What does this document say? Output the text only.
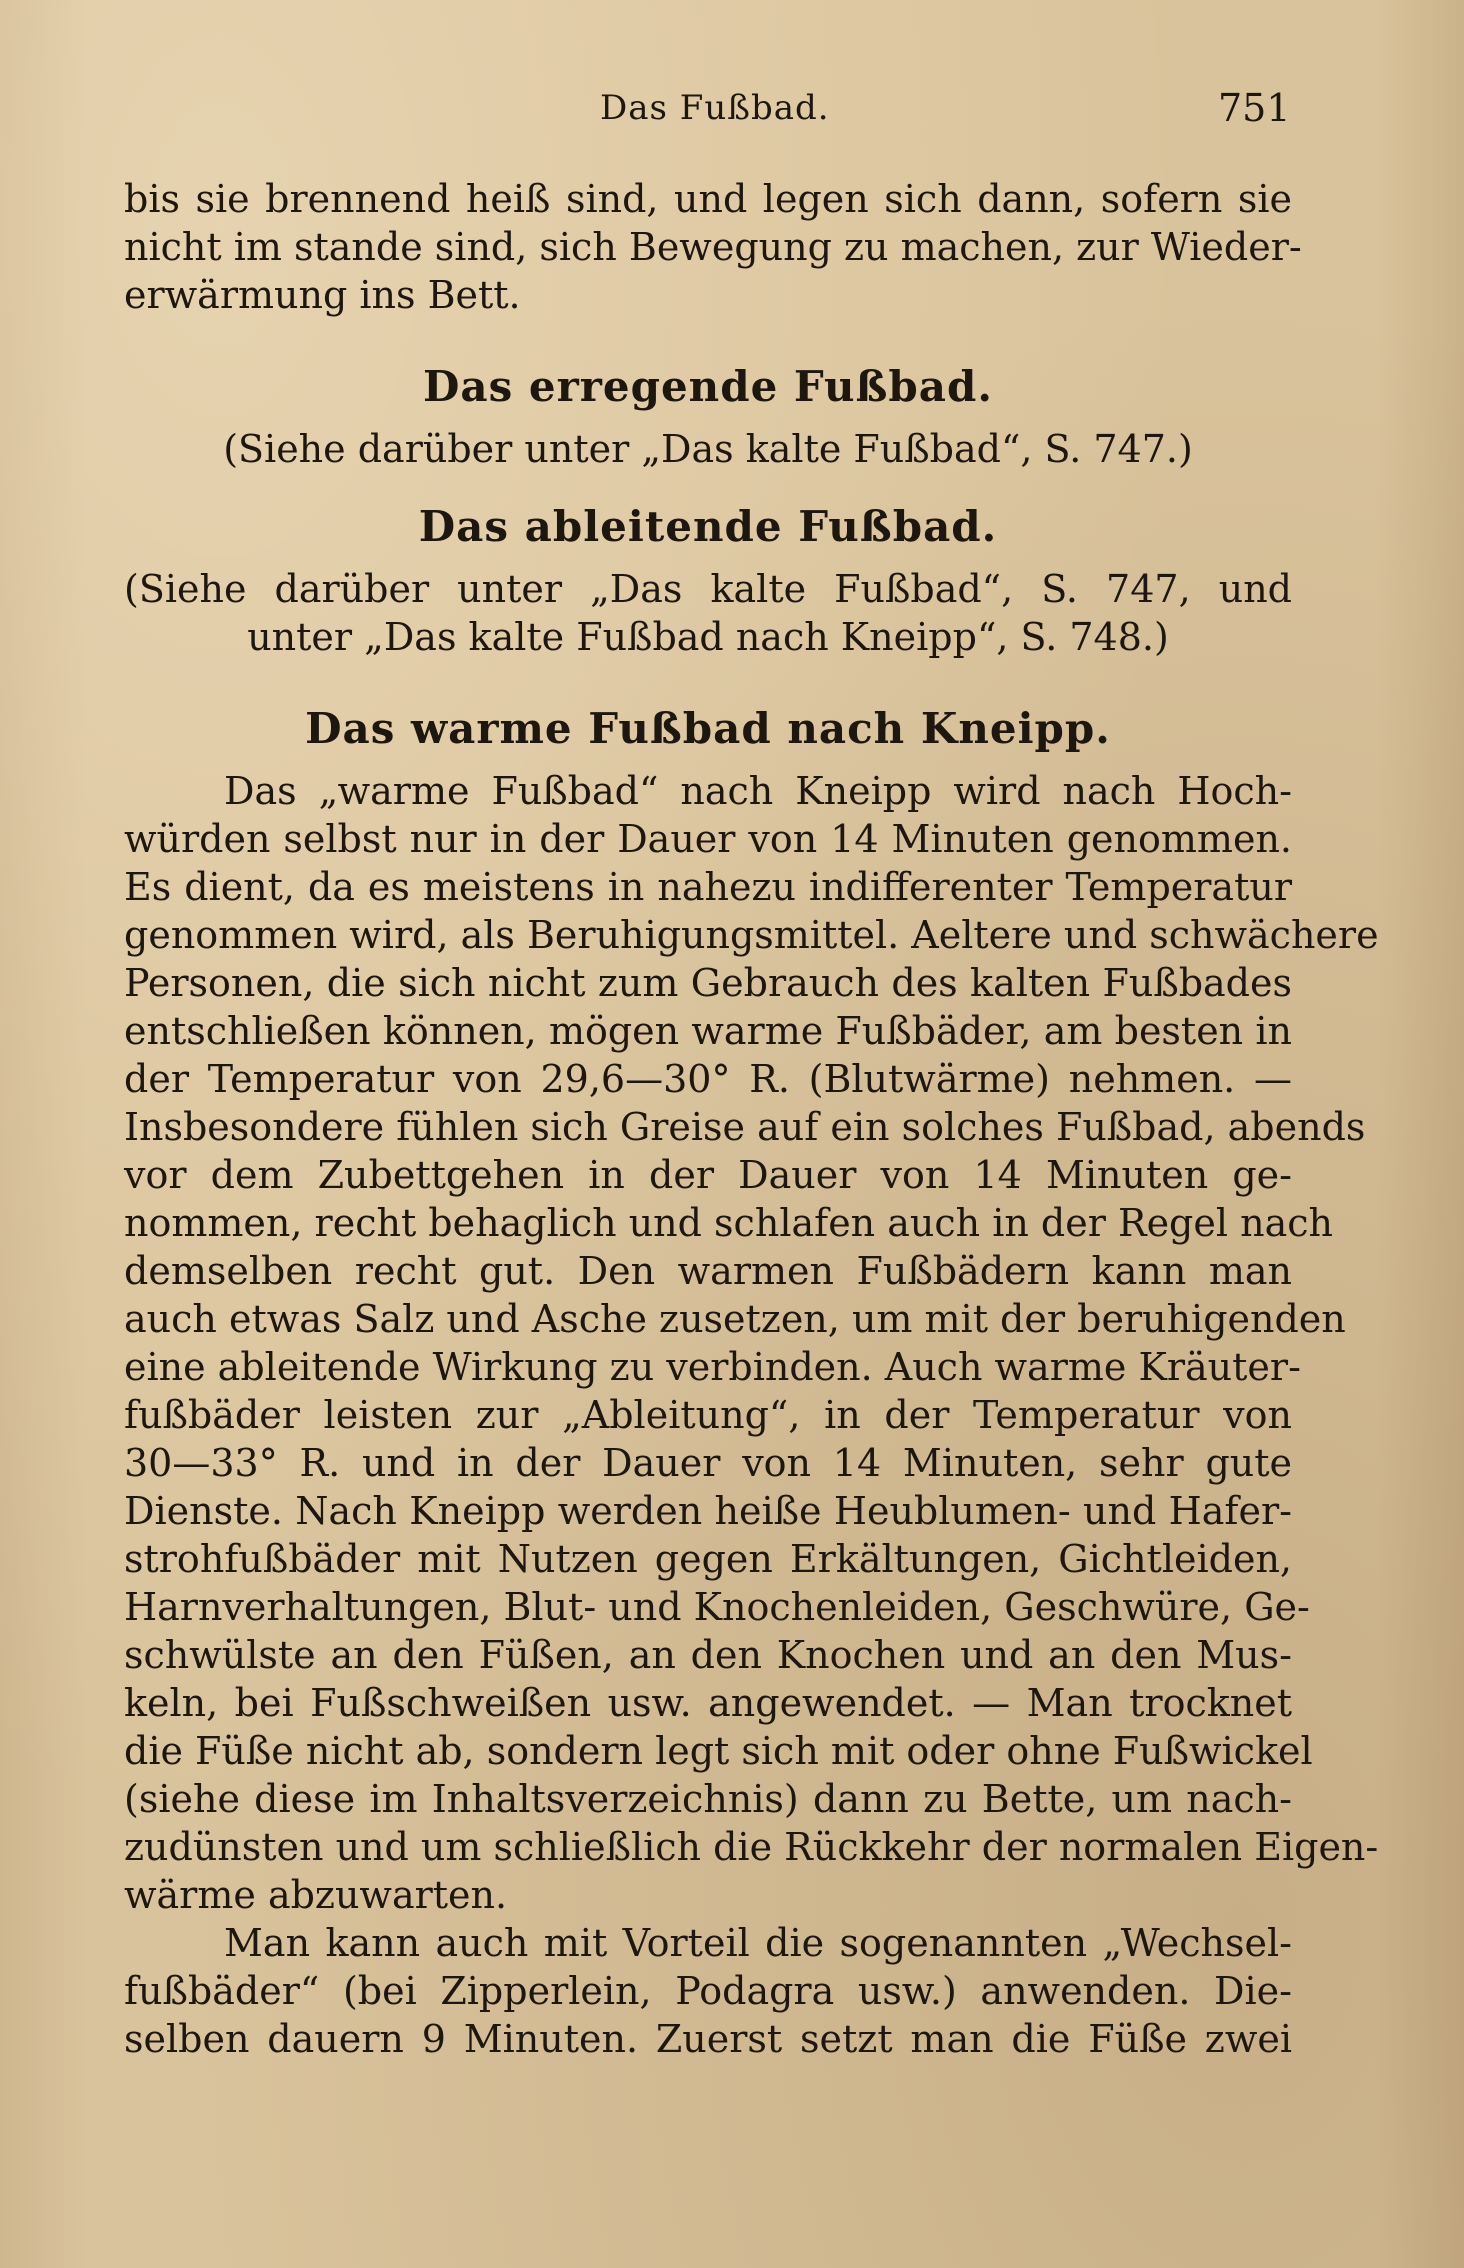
Das Fußbad.	751
bis sie brennend heiß sind, und legen sich dann, sofern sie
nicht im stande sind, sich Bewegung zu machen, zur Wieder-
erwärmung ins Bett.
Das erregende Fußbad.
(Siehe darüber unter „Das kalte Fußbad“, S. 747.)
Das ableitende Fußbad.
(Siehe darüber unter „Das kalte Fußbad“, S. 747, und
unter „Das kalte Fußbad nach Kneipp“, S. 748.)
Das warme Fußbad nach Kneipp.
Das „warme Fußbad“ nach Kneipp wird nach Hoch-
würden selbst nur in der Dauer von 14 Minuten genommen.
Es dient, da es meistens in nahezu indifferenter Temperatur
genommen wird, als Beruhigungsmittel. Aeltere und schwächere
Personen, die sich nicht zum Gebrauch des kalten Fußbades
entschließen können, mögen warme Fußbäder, am besten in
der Temperatur von 29,6—30° R. (Blutwärme) nehmen. —
Insbesondere fühlen sich Greise auf ein solches Fußbad, abends
vor dem Zubettgehen in der Dauer von 14 Minuten ge-
nommen, recht behaglich und schlafen auch in der Regel nach
demselben recht gut. Den warmen Fußbädern kann man
auch etwas Salz und Asche zusetzen, um mit der beruhigenden
eine ableitende Wirkung zu verbinden. Auch warme Kräuter-
fußbäder leisten zur „Ableitung“, in der Temperatur von
30—33° R. und in der Dauer von 14 Minuten, sehr gute
Dienste. Nach Kneipp werden heiße Heublumen- und Hafer-
strohfußbäder mit Nutzen gegen Erkältungen, Gichtleiden,
Harnverhaltungen, Blut- und Knochenleiden, Geschwüre, Ge-
schwülste an den Füßen, an den Knochen und an den Mus-
keln, bei Fußschweißen usw. angewendet. — Man trocknet
die Füße nicht ab, sondern legt sich mit oder ohne Fußwickel
(siehe diese im Inhaltsverzeichnis) dann zu Bette, um nach-
zudünsten und um schließlich die Rückkehr der normalen Eigen-
wärme abzuwarten.
Man kann auch mit Vorteil die sogenannten „Wechsel-
fußbäder“ (bei Zipperlein, Podagra usw.) anwenden. Die-
selben dauern 9 Minuten. Zuerst setzt man die Füße zwei
